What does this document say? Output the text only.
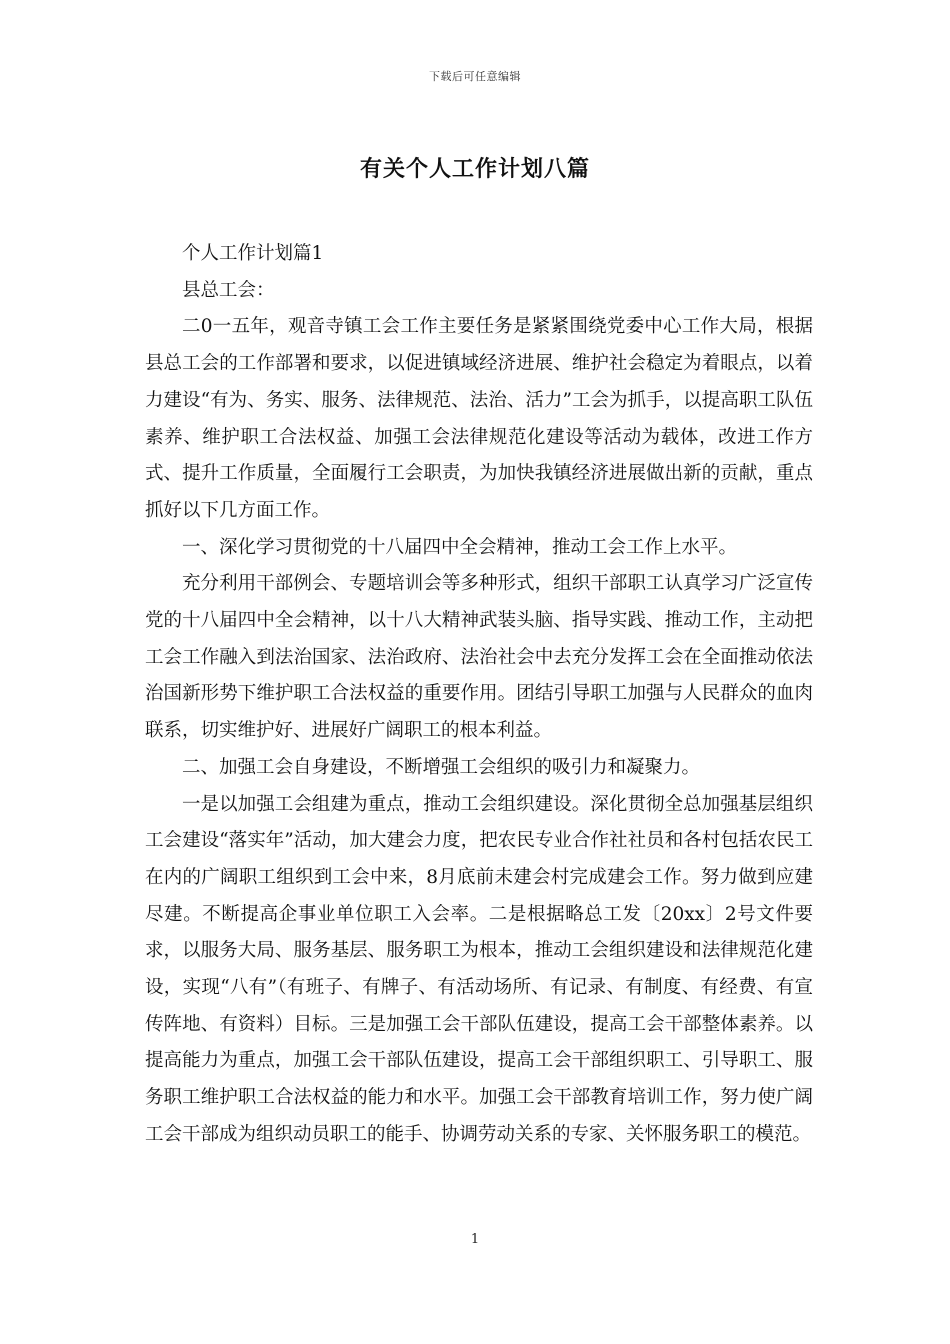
下载后可任意编辑
有关个人工作计划八篇

个人工作计划篇1

县总工会：

二0一五年，观音寺镇工会工作主要任务是紧紧围绕党委中心工作大局，根据县总工会的工作部署和要求，以促进镇域经济进展、维护社会稳定为着眼点，以着力建设“有为、务实、服务、法律规范、法治、活力”工会为抓手，以提高职工队伍素养、维护职工合法权益、加强工会法律规范化建设等活动为载体，改进工作方式、提升工作质量，全面履行工会职责，为加快我镇经济进展做出新的贡献，重点抓好以下几方面工作。

一、深化学习贯彻党的十八届四中全会精神，推动工会工作上水平。

充分利用干部例会、专题培训会等多种形式，组织干部职工认真学习广泛宣传党的十八届四中全会精神，以十八大精神武装头脑、指导实践、推动工作，主动把工会工作融入到法治国家、法治政府、法治社会中去充分发挥工会在全面推动依法治国新形势下维护职工合法权益的重要作用。团结引导职工加强与人民群众的血肉联系，切实维护好、进展好广阔职工的根本利益。

二、加强工会自身建设，不断增强工会组织的吸引力和凝聚力。

一是以加强工会组建为重点，推动工会组织建设。深化贯彻全总加强基层组织工会建设“落实年”活动，加大建会力度，把农民专业合作社社员和各村包括农民工在内的广阔职工组织到工会中来，8月底前未建会村完成建会工作。努力做到应建尽建。不断提高企事业单位职工入会率。二是根据略总工发〔20xx〕2号文件要求，以服务大局、服务基层、服务职工为根本，推动工会组织建设和法律规范化建设，实现“八有”（有班子、有牌子、有活动场所、有记录、有制度、有经费、有宣传阵地、有资料）目标。三是加强工会干部队伍建设，提高工会干部整体素养。以提高能力为重点，加强工会干部队伍建设，提高工会干部组织职工、引导职工、服务职工维护职工合法权益的能力和水平。加强工会干部教育培训工作，努力使广阔工会干部成为组织动员职工的能手、协调劳动关系的专家、关怀服务职工的模范。

1
